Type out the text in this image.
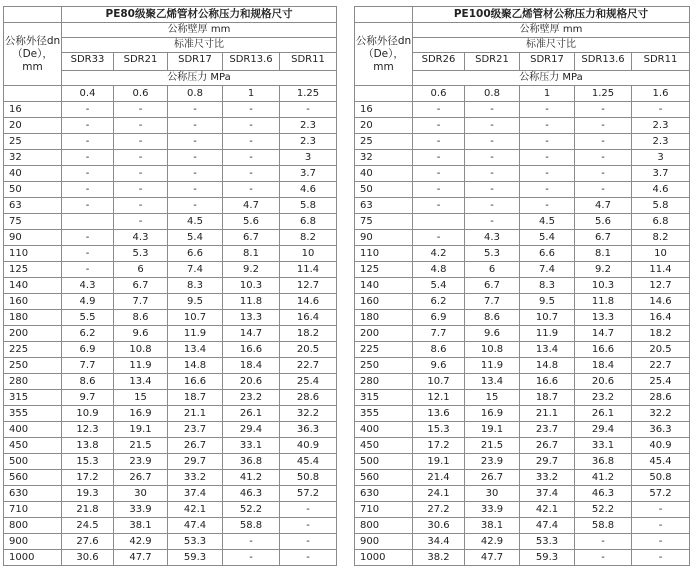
	PE80级聚乙烯管材公称压力和规格尺寸				

公称外径dn
（De），
mm	公称壁厚 mm				
	标准尺寸比				
	SDR33	SDR21	SDR17	SDR13.6	SDR11
	公称压力 MPa				
	0.4	0.6	0.8	1	1.25
16	-	-	-	-	-
20	-	-	-	-	2.3
25	-	-	-	-	2.3
32	-	-	-	-	3
40	-	-	-	-	3.7
50	-	-	-	-	4.6
63	-	-	-	4.7	5.8
75		-	4.5	5.6	6.8
90	-	4.3	5.4	6.7	8.2
110	-	5.3	6.6	8.1	10
125	-	6	7.4	9.2	11.4
140	4.3	6.7	8.3	10.3	12.7
160	4.9	7.7	9.5	11.8	14.6
180	5.5	8.6	10.7	13.3	16.4
200	6.2	9.6	11.9	14.7	18.2
225	6.9	10.8	13.4	16.6	20.5
250	7.7	11.9	14.8	18.4	22.7
280	8.6	13.4	16.6	20.6	25.4
315	9.7	15	18.7	23.2	28.6
355	10.9	16.9	21.1	26.1	32.2
400	12.3	19.1	23.7	29.4	36.3
450	13.8	21.5	26.7	33.1	40.9
500	15.3	23.9	29.7	36.8	45.4
560	17.2	26.7	33.2	41.2	50.8
630	19.3	30	37.4	46.3	57.2
710	21.8	33.9	42.1	52.2	-
800	24.5	38.1	47.4	58.8	-
900	27.6	42.9	53.3	-	-
1000	30.6	47.7	59.3	-	-
	PE100级聚乙烯管材公称压力和规格尺寸				

公称外径dn
（De），
mm	公称壁厚 mm				
	标准尺寸比				
	SDR26	SDR21	SDR17	SDR13.6	SDR11
	公称压力 MPa				
	0.6	0.8	1	1.25	1.6
16	-	-	-	-	-
20	-	-	-	-	2.3
25	-	-	-	-	2.3
32	-	-	-	-	3
40	-	-	-	-	3.7
50	-	-	-	-	4.6
63	-	-	-	4.7	5.8
75		-	4.5	5.6	6.8
90	-	4.3	5.4	6.7	8.2
110	4.2	5.3	6.6	8.1	10
125	4.8	6	7.4	9.2	11.4
140	5.4	6.7	8.3	10.3	12.7
160	6.2	7.7	9.5	11.8	14.6
180	6.9	8.6	10.7	13.3	16.4
200	7.7	9.6	11.9	14.7	18.2
225	8.6	10.8	13.4	16.6	20.5
250	9.6	11.9	14.8	18.4	22.7
280	10.7	13.4	16.6	20.6	25.4
315	12.1	15	18.7	23.2	28.6
355	13.6	16.9	21.1	26.1	32.2
400	15.3	19.1	23.7	29.4	36.3
450	17.2	21.5	26.7	33.1	40.9
500	19.1	23.9	29.7	36.8	45.4
560	21.4	26.7	33.2	41.2	50.8
630	24.1	30	37.4	46.3	57.2
710	27.2	33.9	42.1	52.2	-
800	30.6	38.1	47.4	58.8	-
900	34.4	42.9	53.3	-	-
1000	38.2	47.7	59.3	-	-
